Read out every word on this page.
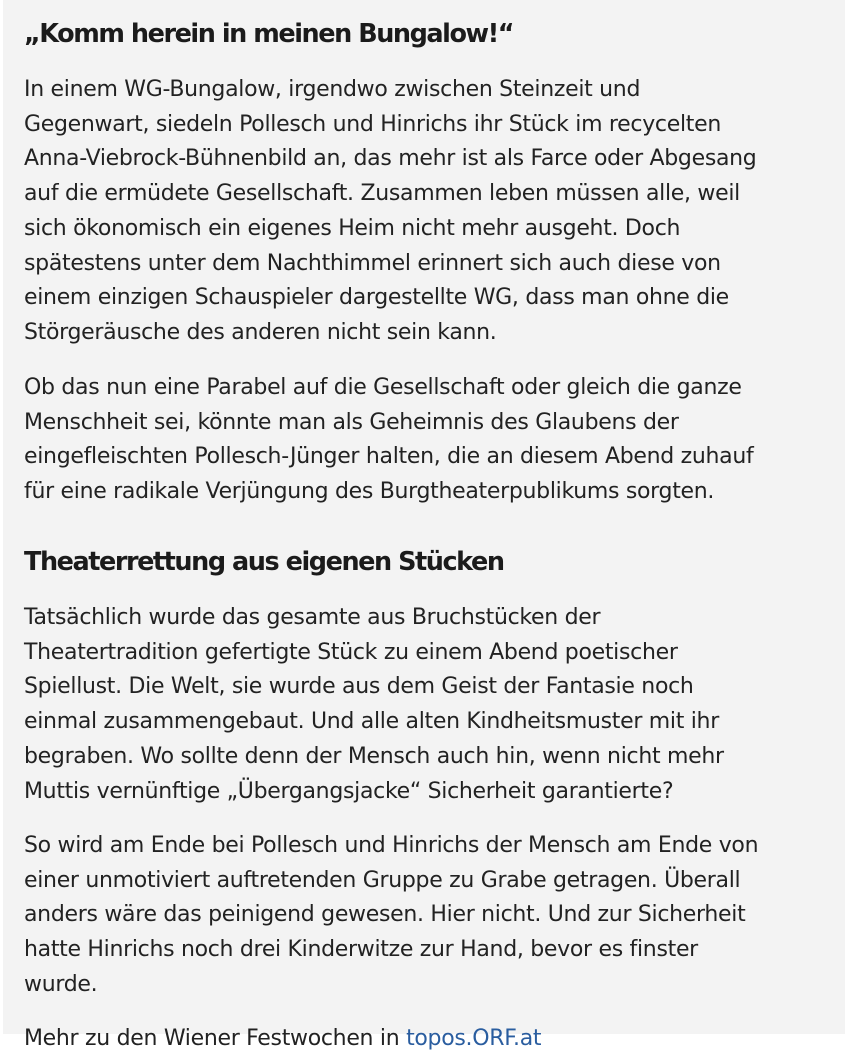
„Komm herein in meinen Bungalow!“

In einem WG-Bungalow, irgendwo zwischen Steinzeit und
Gegenwart, siedeln Pollesch und Hinrichs ihr Stück im recycelten
Anna-Viebrock-Bühnenbild an, das mehr ist als Farce oder Abgesang
auf die ermüdete Gesellschaft. Zusammen leben müssen alle, weil
sich ökonomisch ein eigenes Heim nicht mehr ausgeht. Doch
spätestens unter dem Nachthimmel erinnert sich auch diese von
einem einzigen Schauspieler dargestellte WG, dass man ohne die
Störgeräusche des anderen nicht sein kann.

Ob das nun eine Parabel auf die Gesellschaft oder gleich die ganze
Menschheit sei, könnte man als Geheimnis des Glaubens der
eingefleischten Pollesch-Jünger halten, die an diesem Abend zuhauf
für eine radikale Verjüngung des Burgtheaterpublikums sorgten.

Theaterrettung aus eigenen Stücken

Tatsächlich wurde das gesamte aus Bruchstücken der
Theatertradition gefertigte Stück zu einem Abend poetischer
Spiellust. Die Welt, sie wurde aus dem Geist der Fantasie noch
einmal zusammengebaut. Und alle alten Kindheitsmuster mit ihr
begraben. Wo sollte denn der Mensch auch hin, wenn nicht mehr
Muttis vernünftige „Übergangsjacke“ Sicherheit garantierte?

So wird am Ende bei Pollesch und Hinrichs der Mensch am Ende von
einer unmotiviert auftretenden Gruppe zu Grabe getragen. Überall
anders wäre das peinigend gewesen. Hier nicht. Und zur Sicherheit
hatte Hinrichs noch drei Kinderwitze zur Hand, bevor es finster
wurde.

Mehr zu den Wiener Festwochen in topos.ORF.at
